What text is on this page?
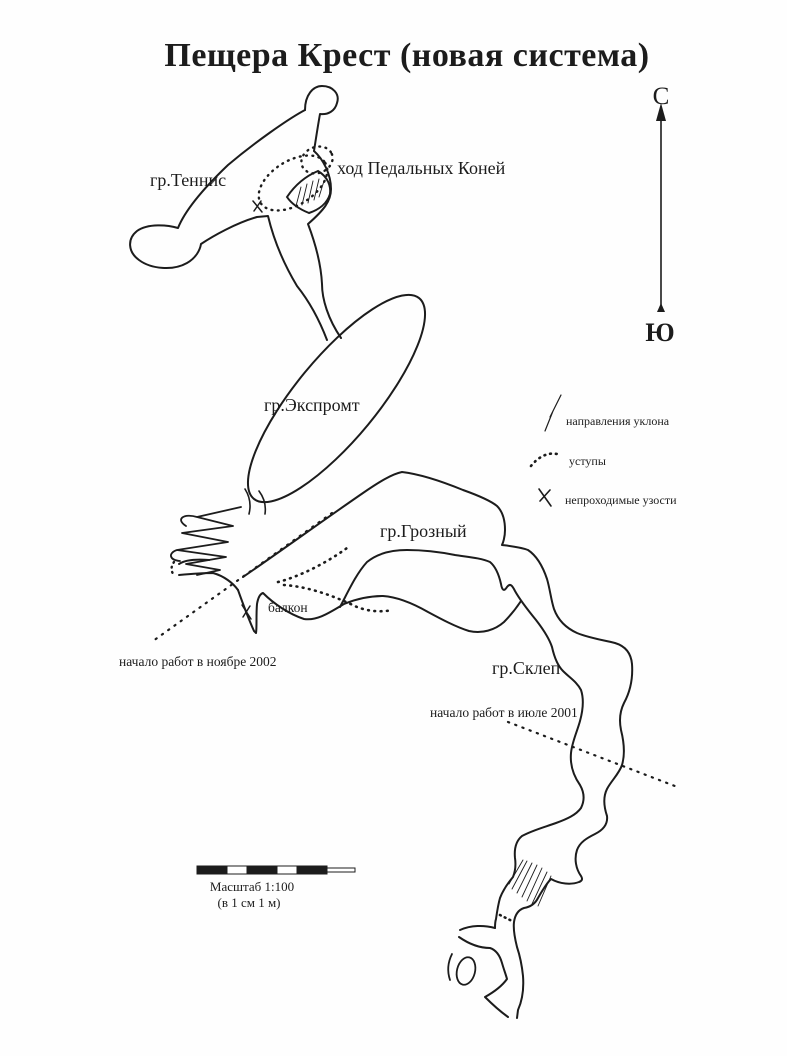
Пещера Крест (новая система)
С
Ю
гр.Теннис
ход Педальных Коней
гр.Экспромт
гр.Грозный
гр.Склеп
балкон
начало работ в ноябре 2002
начало работ в июле 2001
направления уклона
уступы
непроходимые узости
Масштаб 1:100
(в 1 см 1 м)
